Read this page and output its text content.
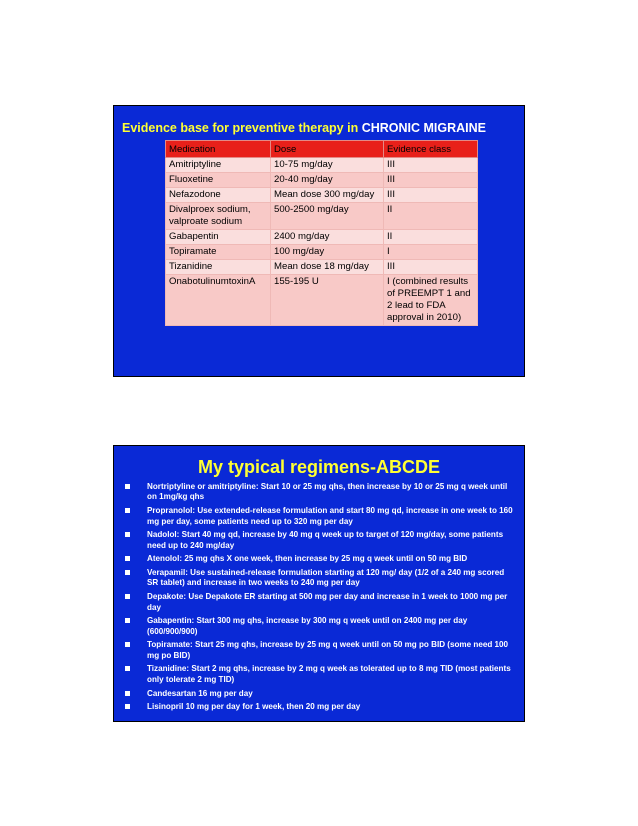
Evidence base for preventive therapy in CHRONIC MIGRAINE
Medication	Dose	Evidence class
Amitriptyline	10-75 mg/day	III
Fluoxetine	20-40 mg/day	III
Nefazodone	Mean dose 300 mg/day	III
Divalproex sodium, valproate sodium	500-2500 mg/day	II
Gabapentin	2400 mg/day	II
Topiramate	100 mg/day	I
Tizanidine	Mean dose 18 mg/day	III
OnabotulinumtoxinA	155-195 U	I (combined results of PREEMPT 1 and 2 lead to FDA approval in 2010)
My typical regimens-ABCDE
Nortriptyline or amitriptyline: Start 10 or 25 mg qhs, then increase by 10 or 25 mg q week until on 1mg/kg qhs
Propranolol: Use extended-release formulation and start 80 mg qd, increase in one week to 160 mg per day, some patients need up to 320 mg per day
Nadolol: Start 40 mg qd, increase by 40 mg q week up to target of 120 mg/day, some patients need up to 240 mg/day
Atenolol: 25 mg qhs X one week, then increase by 25 mg q week until on 50 mg BID
Verapamil: Use sustained-release formulation starting at 120 mg/ day (1/2 of a 240 mg scored SR tablet) and increase in two weeks to 240 mg per day
Depakote: Use Depakote ER starting at 500 mg per day and increase in 1 week to 1000 mg per day
Gabapentin: Start 300 mg qhs, increase by 300 mg q week until on 2400 mg per day (600/900/900)
Topiramate: Start 25 mg qhs, increase by 25 mg q week until on 50 mg po BID (some need 100 mg po BID)
Tizanidine: Start 2 mg qhs, increase by 2 mg q week as tolerated up to 8 mg TID (most patients only tolerate 2 mg TID)
Candesartan 16 mg per day
Lisinopril 10 mg per day for 1 week, then 20 mg per day
